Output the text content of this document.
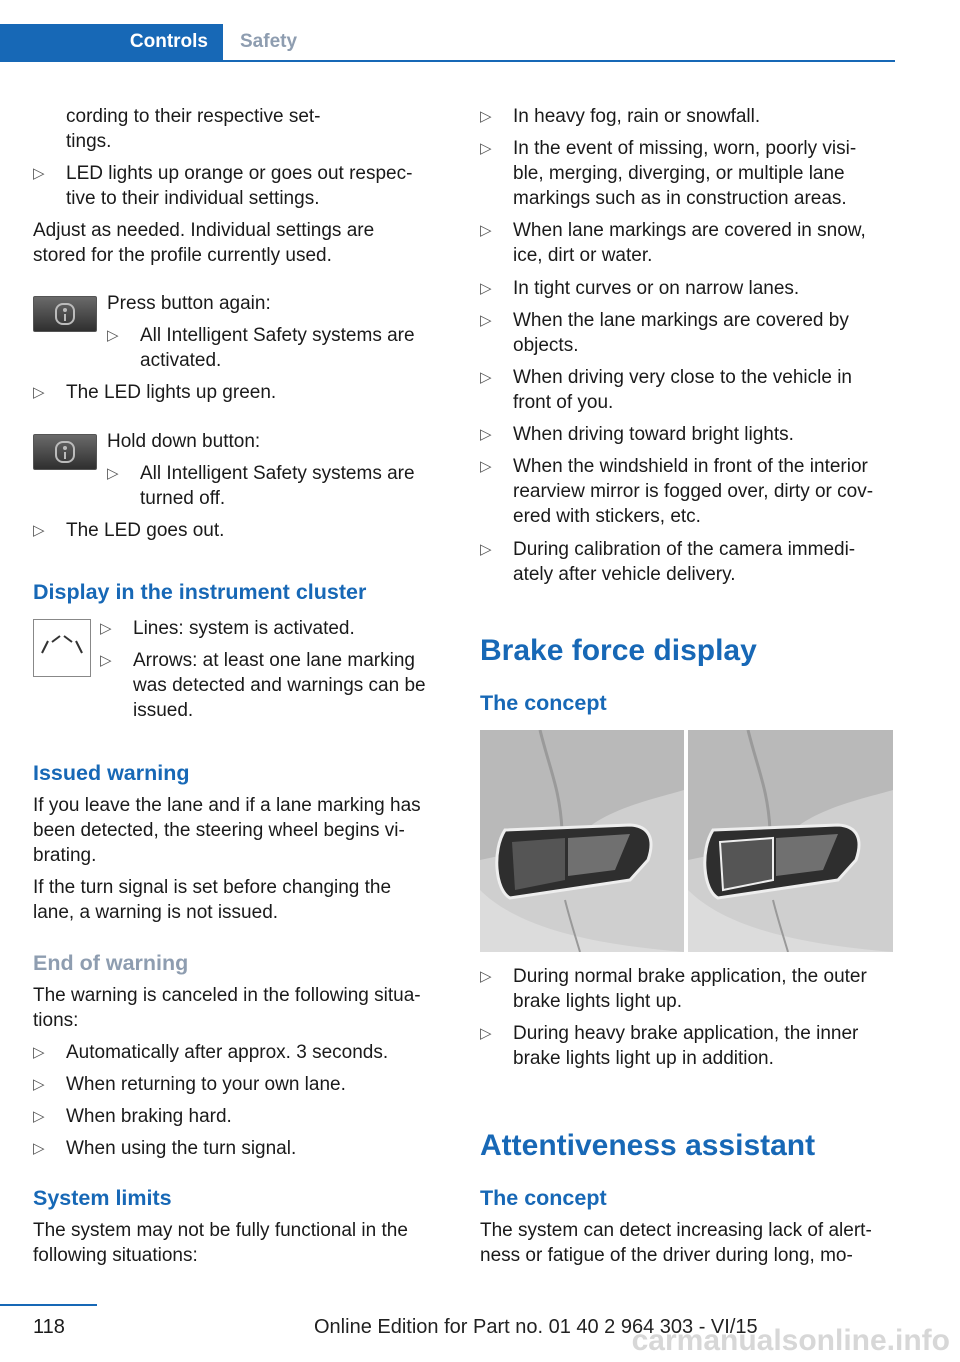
Controls	Safety

cording to their respective set-
tings.

▷	LED lights up orange or goes out respec-
tive to their individual settings.

Adjust as needed. Individual settings are
stored for the profile currently used.

Press button again:

▷	All Intelligent Safety systems are
activated.
▷	The LED lights up green.

Hold down button:

▷	All Intelligent Safety systems are
turned off.
▷	The LED goes out.
Display in the instrument cluster
▷	Lines: system is activated.
▷	Arrows: at least one lane marking
was detected and warnings can be
issued.
Issued warning

If you leave the lane and if a lane marking has
been detected, the steering wheel begins vi-
brating.

If the turn signal is set before changing the
lane, a warning is not issued.

End of warning

The warning is canceled in the following situa-
tions:

▷	Automatically after approx. 3 seconds.
▷	When returning to your own lane.
▷	When braking hard.
▷	When using the turn signal.
System limits

The system may not be fully functional in the
following situations:

▷	In heavy fog, rain or snowfall.
▷	In the event of missing, worn, poorly visi-
ble, merging, diverging, or multiple lane
markings such as in construction areas.
▷	When lane markings are covered in snow,
ice, dirt or water.
▷	In tight curves or on narrow lanes.
▷	When the lane markings are covered by
objects.
▷	When driving very close to the vehicle in
front of you.
▷	When driving toward bright lights.
▷	When the windshield in front of the interior
rearview mirror is fogged over, dirty or cov-
ered with stickers, etc.
▷	During calibration of the camera immedi-
ately after vehicle delivery.
Brake force display
The concept
▷	During normal brake application, the outer
brake lights light up.
▷	During heavy brake application, the inner
brake lights light up in addition.
Attentiveness assistant
The concept

The system can detect increasing lack of alert-
ness or fatigue of the driver during long, mo-

118	Online Edition for Part no. 01 40 2 964 303 - VI/15
carmanualsonline.info
